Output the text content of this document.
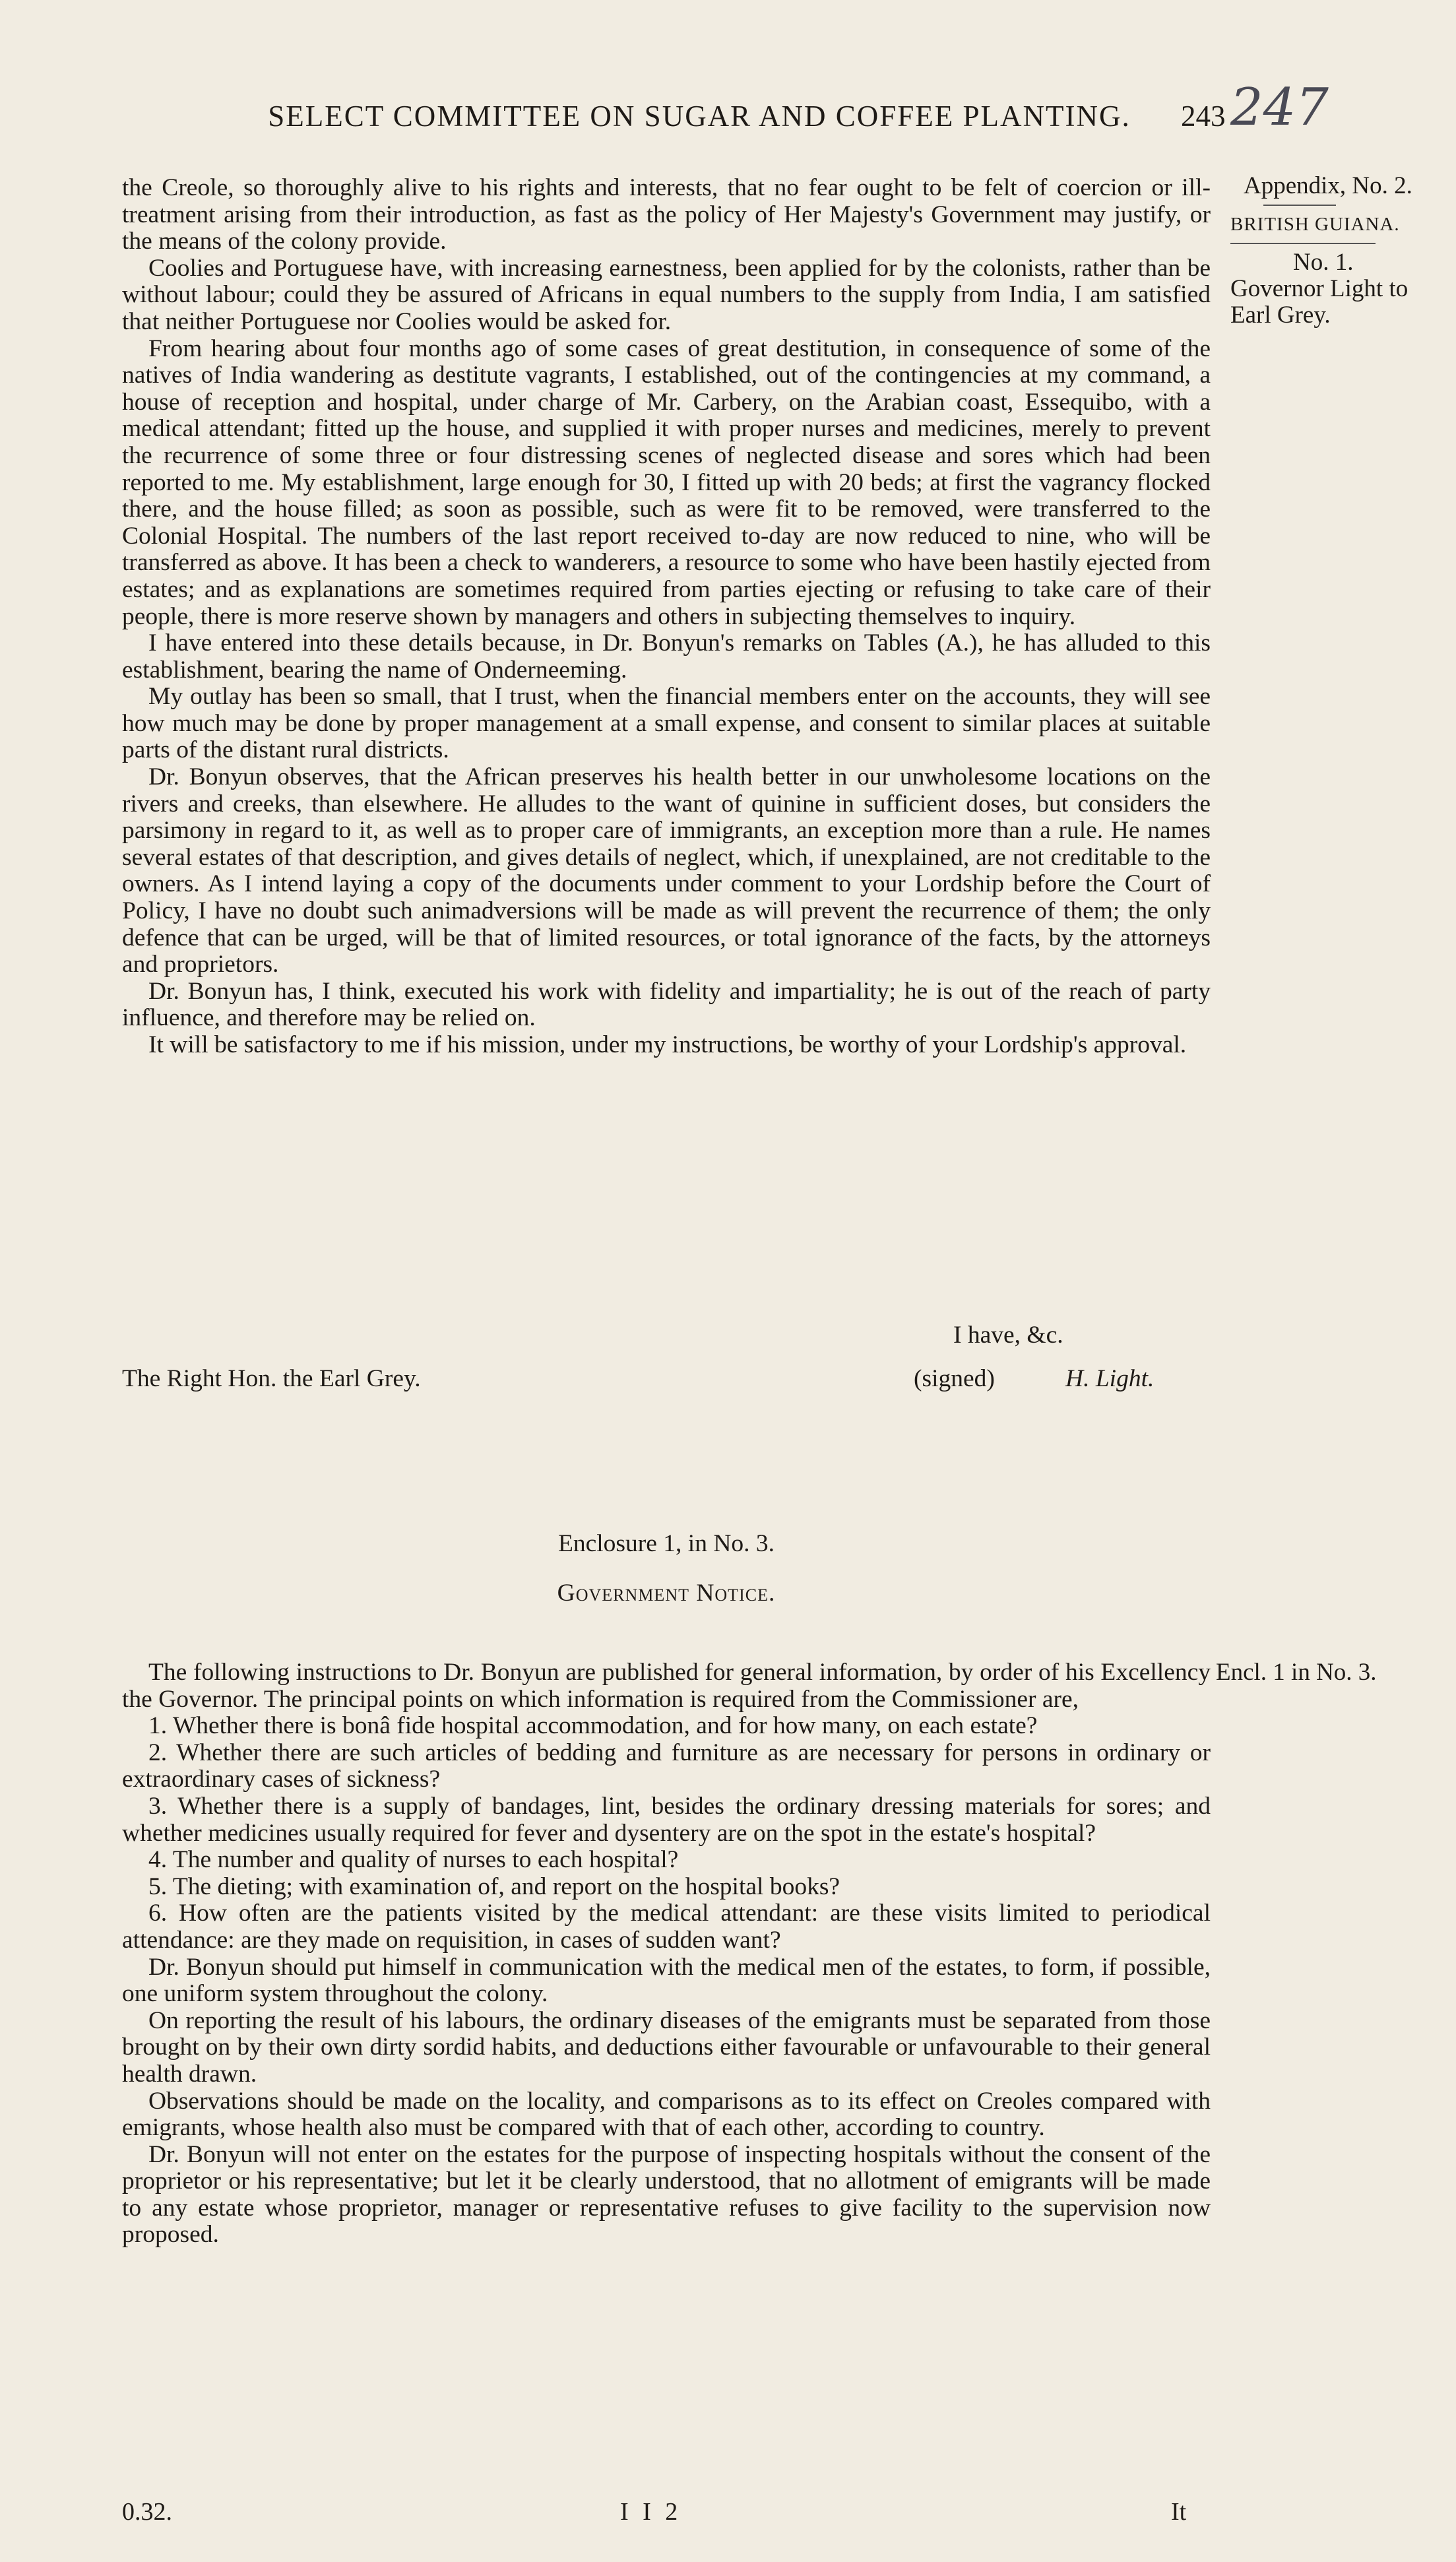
SELECT COMMITTEE ON SUGAR AND COFFEE PLANTING.	243 247
Appendix, No. 2.
BRITISH GUIANA.
No. 1.
Governor Light to
Earl Grey.

the Creole, so thoroughly alive to his rights and interests, that no fear ought to be felt of coercion or ill-treatment arising from their introduction, as fast as the policy of Her Majesty's Government may justify, or the means of the colony provide.

Coolies and Portuguese have, with increasing earnestness, been applied for by the colonists, rather than be without labour; could they be assured of Africans in equal numbers to the supply from India, I am satisfied that neither Portuguese nor Coolies would be asked for.

From hearing about four months ago of some cases of great destitution, in consequence of some of the natives of India wandering as destitute vagrants, I established, out of the contingencies at my command, a house of reception and hospital, under charge of Mr. Carbery, on the Arabian coast, Essequibo, with a medical attendant; fitted up the house, and supplied it with proper nurses and medicines, merely to prevent the recurrence of some three or four distressing scenes of neglected disease and sores which had been reported to me. My establishment, large enough for 30, I fitted up with 20 beds; at first the vagrancy flocked there, and the house filled; as soon as possible, such as were fit to be removed, were transferred to the Colonial Hospital. The numbers of the last report received to-day are now reduced to nine, who will be transferred as above. It has been a check to wanderers, a resource to some who have been hastily ejected from estates; and as explanations are sometimes required from parties ejecting or refusing to take care of their people, there is more reserve shown by managers and others in subjecting themselves to inquiry.

I have entered into these details because, in Dr. Bonyun's remarks on Tables (A.), he has alluded to this establishment, bearing the name of Onderneeming.

My outlay has been so small, that I trust, when the financial members enter on the accounts, they will see how much may be done by proper management at a small expense, and consent to similar places at suitable parts of the distant rural districts.

Dr. Bonyun observes, that the African preserves his health better in our unwholesome locations on the rivers and creeks, than elsewhere. He alludes to the want of quinine in sufficient doses, but considers the parsimony in regard to it, as well as to proper care of immigrants, an exception more than a rule. He names several estates of that description, and gives details of neglect, which, if unexplained, are not creditable to the owners. As I intend laying a copy of the documents under comment to your Lordship before the Court of Policy, I have no doubt such animadversions will be made as will prevent the recurrence of them; the only defence that can be urged, will be that of limited resources, or total ignorance of the facts, by the attorneys and proprietors.

Dr. Bonyun has, I think, executed his work with fidelity and impartiality; he is out of the reach of party influence, and therefore may be relied on.

It will be satisfactory to me if his mission, under my instructions, be worthy of your Lordship's approval.

I have, &c.
The Right Hon. the Earl Grey.	(signed)	H. Light.
Enclosure 1, in No. 3.
Government Notice.
Encl. 1 in No. 3.

The following instructions to Dr. Bonyun are published for general information, by order of his Excellency the Governor. The principal points on which information is required from the Commissioner are,

1. Whether there is bonâ fide hospital accommodation, and for how many, on each estate?

2. Whether there are such articles of bedding and furniture as are necessary for persons in ordinary or extraordinary cases of sickness?

3. Whether there is a supply of bandages, lint, besides the ordinary dressing materials for sores; and whether medicines usually required for fever and dysentery are on the spot in the estate's hospital?

4. The number and quality of nurses to each hospital?

5. The dieting; with examination of, and report on the hospital books?

6. How often are the patients visited by the medical attendant: are these visits limited to periodical attendance: are they made on requisition, in cases of sudden want?

Dr. Bonyun should put himself in communication with the medical men of the estates, to form, if possible, one uniform system throughout the colony.

On reporting the result of his labours, the ordinary diseases of the emigrants must be separated from those brought on by their own dirty sordid habits, and deductions either favourable or unfavourable to their general health drawn.

Observations should be made on the locality, and comparisons as to its effect on Creoles compared with emigrants, whose health also must be compared with that of each other, according to country.

Dr. Bonyun will not enter on the estates for the purpose of inspecting hospitals without the consent of the proprietor or his representative; but let it be clearly understood, that no allotment of emigrants will be made to any estate whose proprietor, manager or representative refuses to give facility to the supervision now proposed.

0.32.	I I 2	It
